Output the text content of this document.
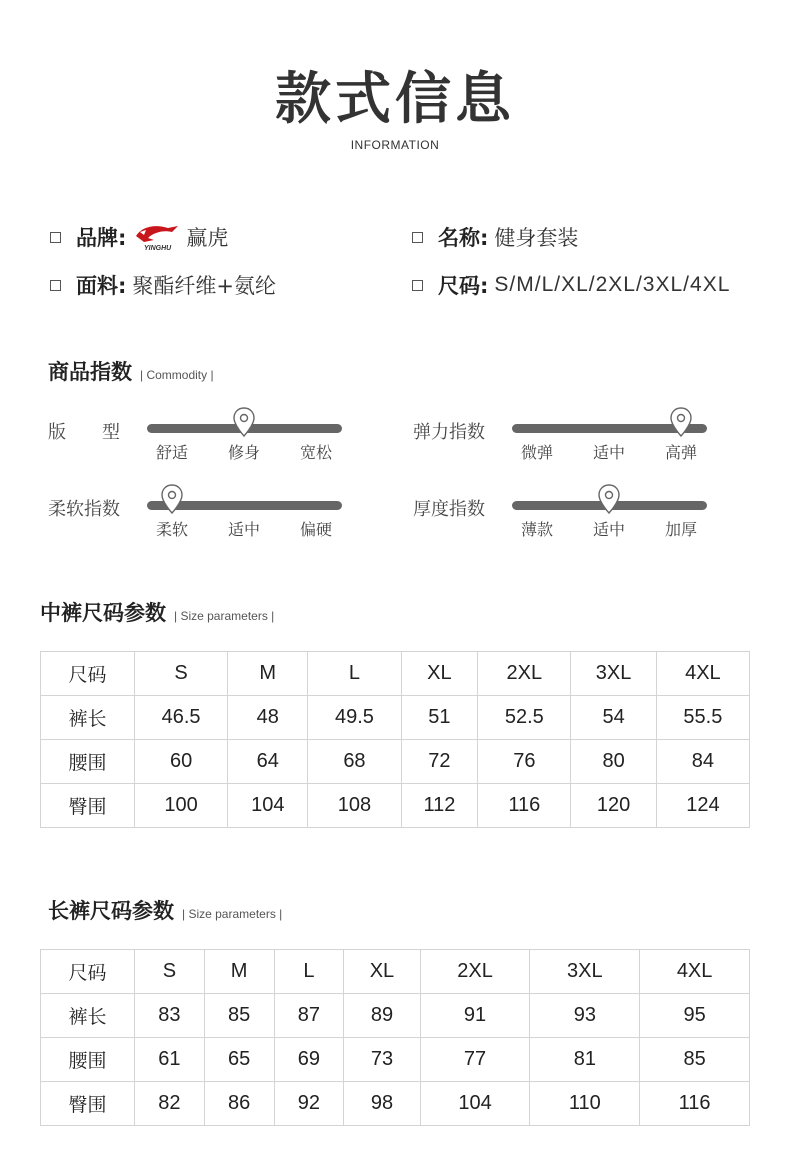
款式信息
INFORMATION
品牌:	YINGHU 赢虎	名称: 健身套装
面料: 聚酯纤维+氨纶	尺码: S/M/L/XL/2XL/3XL/4XL
商品指数 | Commodity |
版　　型
舒适	修身	宽松
弹力指数
微弹	适中	高弹
柔软指数
柔软	适中	偏硬
厚度指数
薄款	适中	加厚
中裤尺码参数 | Size parameters |
尺码	S	M	L	XL	2XL	3XL	4XL
裤长	46.5	48	49.5	51	52.5	54	55.5
腰围	60	64	68	72	76	80	84
臀围	100	104	108	112	116	120	124
长裤尺码参数 | Size parameters |
尺码	S	M	L	XL	2XL	3XL	4XL
裤长	83	85	87	89	91	93	95
腰围	61	65	69	73	77	81	85
臀围	82	86	92	98	104	110	116
